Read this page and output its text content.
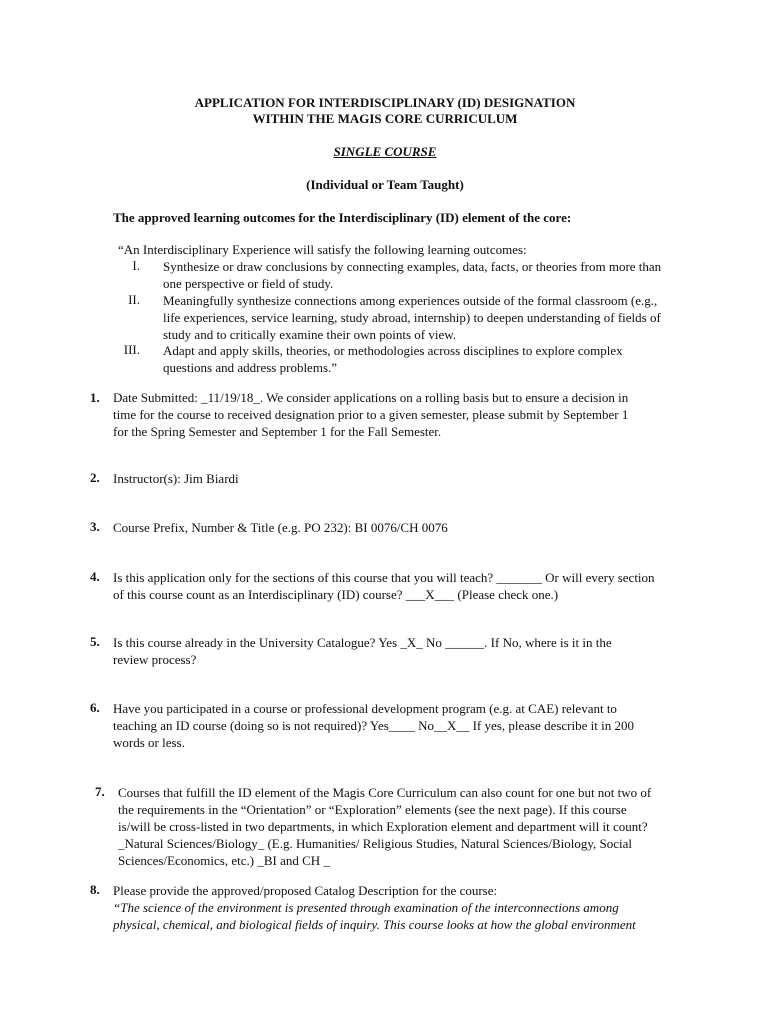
APPLICATION FOR INTERDISCIPLINARY (ID) DESIGNATION
WITHIN THE MAGIS CORE CURRICULUM
SINGLE COURSE
(Individual or Team Taught)
The approved learning outcomes for the Interdisciplinary (ID) element of the core:
“An Interdisciplinary Experience will satisfy the following learning outcomes:
I. Synthesize or draw conclusions by connecting examples, data, facts, or theories from more than
one perspective or field of study.
II. Meaningfully synthesize connections among experiences outside of the formal classroom (e.g.,
life experiences, service learning, study abroad, internship) to deepen understanding of fields of
study and to critically examine their own points of view.
III. Adapt and apply skills, theories, or methodologies across disciplines to explore complex
questions and address problems.”
1. Date Submitted: _11/19/18_. We consider applications on a rolling basis but to ensure a decision in
time for the course to received designation prior to a given semester, please submit by September 1
for the Spring Semester and September 1 for the Fall Semester.
2. Instructor(s): Jim Biardi
3. Course Prefix, Number & Title (e.g. PO 232): BI 0076/CH 0076
4. Is this application only for the sections of this course that you will teach? _______ Or will every section
of this course count as an Interdisciplinary (ID) course? ___X___ (Please check one.)
5. Is this course already in the University Catalogue? Yes _X_ No ______. If No, where is it in the
review process?
6. Have you participated in a course or professional development program (e.g. at CAE) relevant to
teaching an ID course (doing so is not required)? Yes____ No__X__ If yes, please describe it in 200
words or less.
7. Courses that fulfill the ID element of the Magis Core Curriculum can also count for one but not two of
the requirements in the “Orientation” or “Exploration” elements (see the next page). If this course
is/will be cross-listed in two departments, in which Exploration element and department will it count?
_Natural Sciences/Biology_ (E.g. Humanities/ Religious Studies, Natural Sciences/Biology, Social
Sciences/Economics, etc.) _BI and CH _
8. Please provide the approved/proposed Catalog Description for the course:
“The science of the environment is presented through examination of the interconnections among
physical, chemical, and biological fields of inquiry. This course looks at how the global environment
